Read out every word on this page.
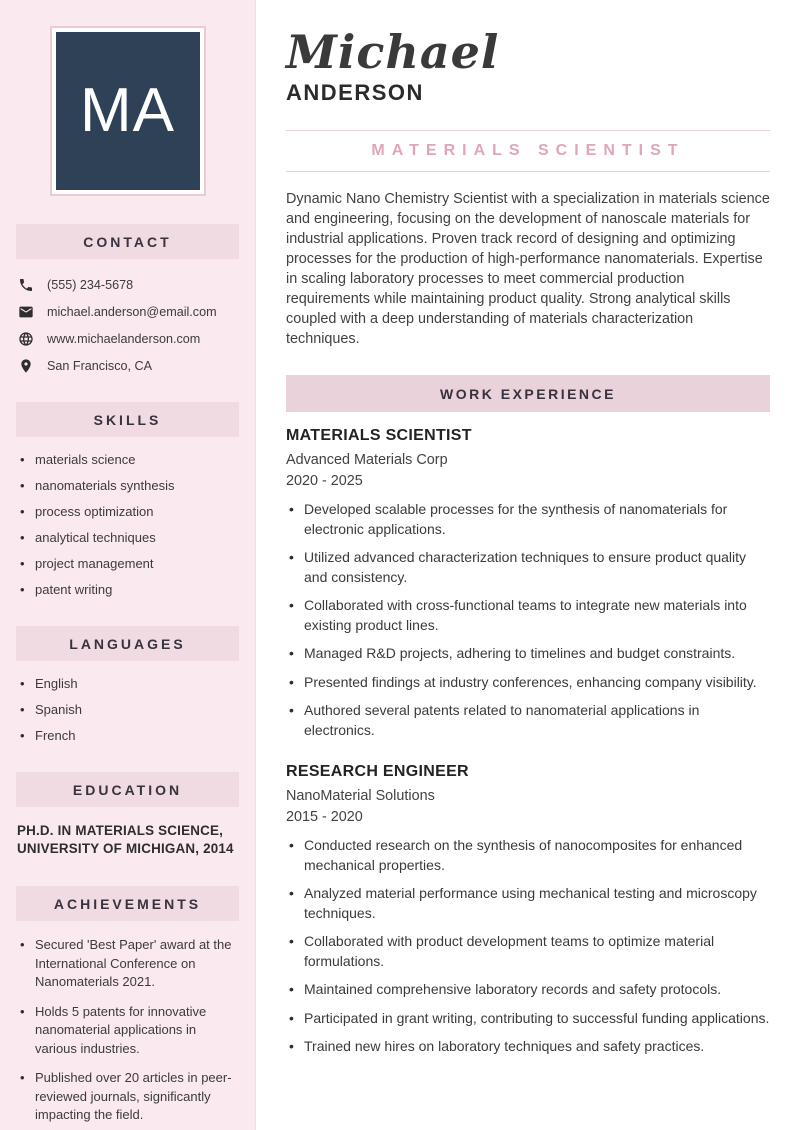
MA
CONTACT
(555) 234-5678
michael.anderson@email.com
www.michaelanderson.com
San Francisco, CA
SKILLS
• materials science
• nanomaterials synthesis
• process optimization
• analytical techniques
• project management
• patent writing
LANGUAGES
• English
• Spanish
• French
EDUCATION
PH.D. IN MATERIALS SCIENCE, UNIVERSITY OF MICHIGAN, 2014
ACHIEVEMENTS
• Secured 'Best Paper' award at the International Conference on Nanomaterials 2021.
• Holds 5 patents for innovative nanomaterial applications in various industries.
• Published over 20 articles in peer-reviewed journals, significantly impacting the field.
Michael
ANDERSON
MATERIALS SCIENTIST

Dynamic Nano Chemistry Scientist with a specialization in materials science and engineering, focusing on the development of nanoscale materials for industrial applications. Proven track record of designing and optimizing processes for the production of high-performance nanomaterials. Expertise in scaling laboratory processes to meet commercial production requirements while maintaining product quality. Strong analytical skills coupled with a deep understanding of materials characterization techniques.

WORK EXPERIENCE
MATERIALS SCIENTIST
Advanced Materials Corp
2020 - 2025
• Developed scalable processes for the synthesis of nanomaterials for electronic applications.
• Utilized advanced characterization techniques to ensure product quality and consistency.
• Collaborated with cross-functional teams to integrate new materials into existing product lines.
• Managed R&D projects, adhering to timelines and budget constraints.
• Presented findings at industry conferences, enhancing company visibility.
• Authored several patents related to nanomaterial applications in electronics.
RESEARCH ENGINEER
NanoMaterial Solutions
2015 - 2020
• Conducted research on the synthesis of nanocomposites for enhanced mechanical properties.
• Analyzed material performance using mechanical testing and microscopy techniques.
• Collaborated with product development teams to optimize material formulations.
• Maintained comprehensive laboratory records and safety protocols.
• Participated in grant writing, contributing to successful funding applications.
• Trained new hires on laboratory techniques and safety practices.
